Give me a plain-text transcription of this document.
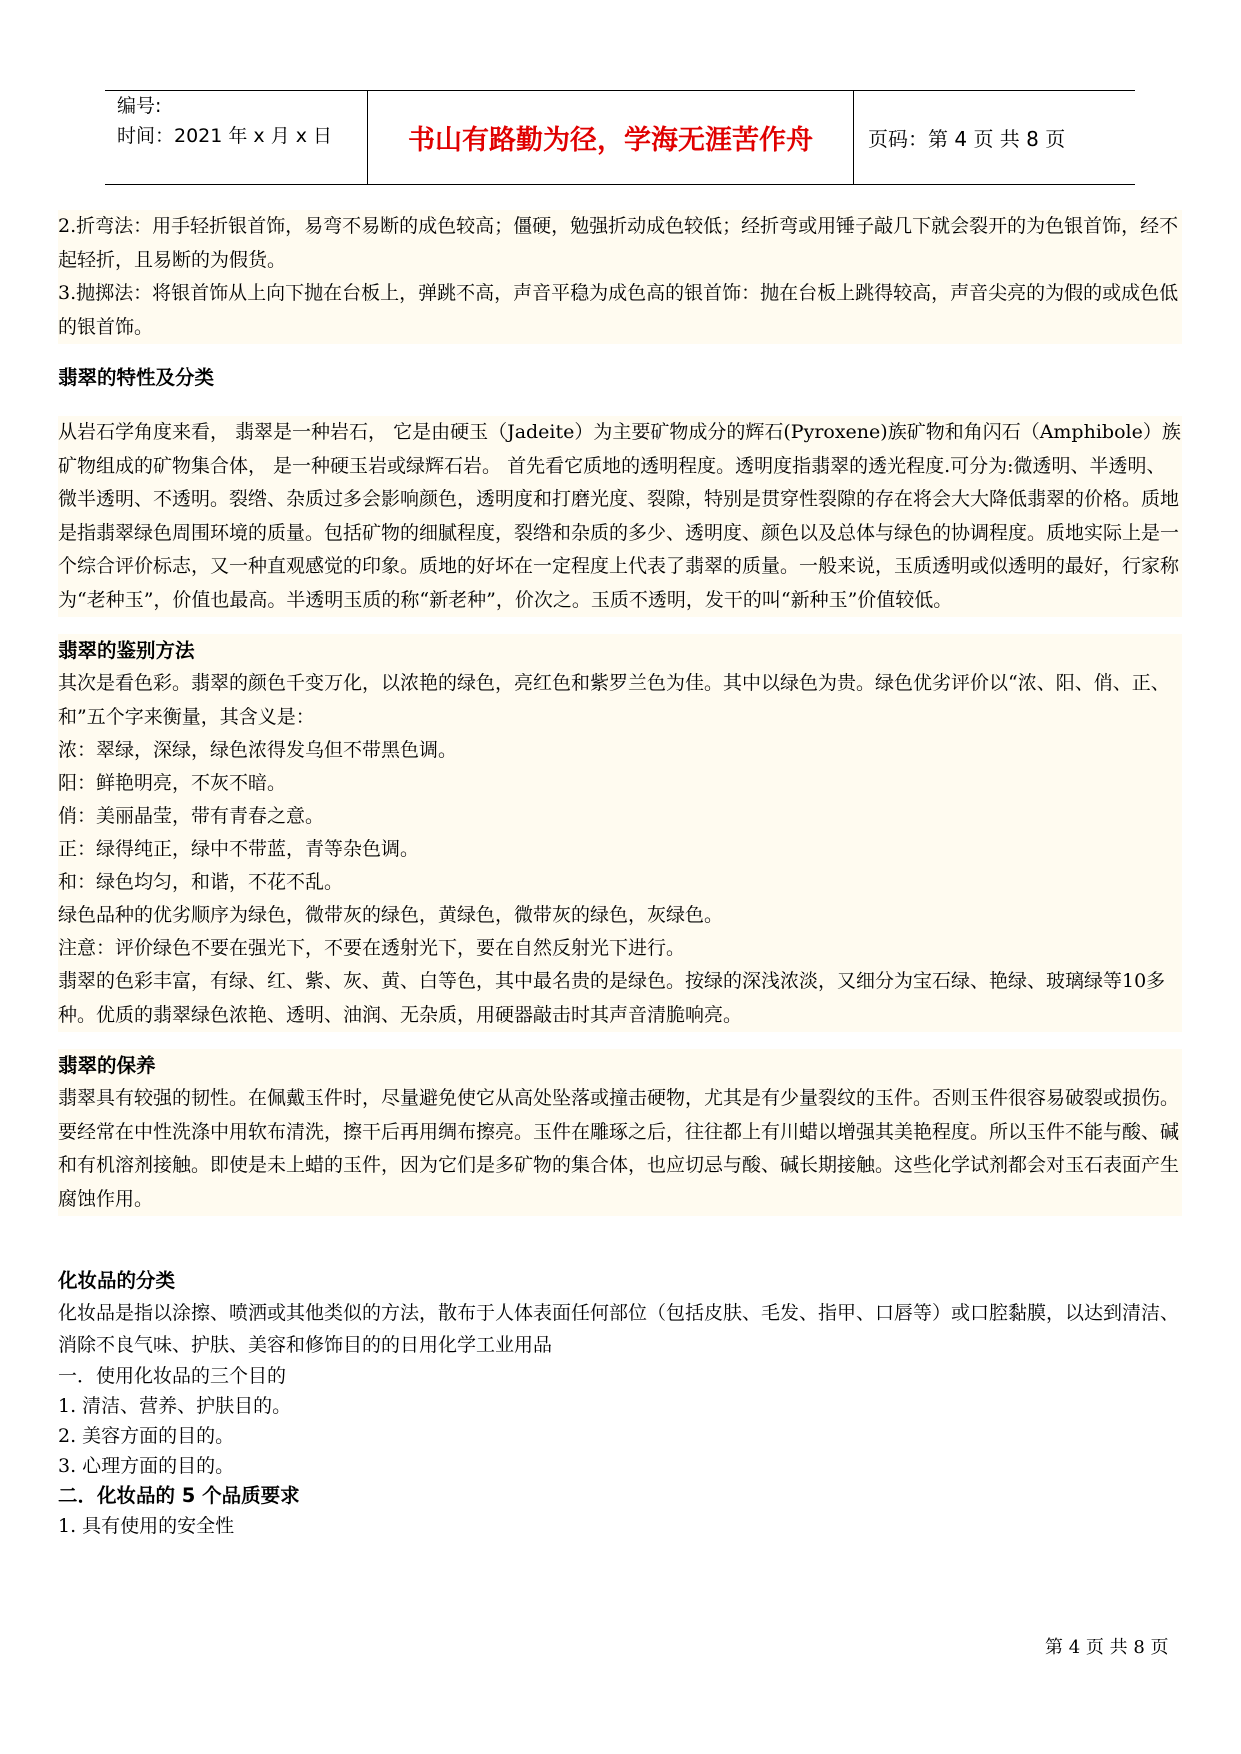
编号:
时间：2021 年 x 月 x 日	书山有路勤为径，学海无涯苦作舟	页码：第 4 页 共 8 页

2.折弯法：用手轻折银首饰，易弯不易断的成色较高；僵硬，勉强折动成色较低；经折弯或用锤子敲几下就会裂开的为色银首饰，经不起轻折，且易断的为假货。

3.抛掷法：将银首饰从上向下抛在台板上，弹跳不高，声音平稳为成色高的银首饰：抛在台板上跳得较高，声音尖亮的为假的或成色低的银首饰。

翡翠的特性及分类

从岩石学角度来看， 翡翠是一种岩石， 它是由硬玉（Jadeite）为主要矿物成分的辉石(Pyroxene)族矿物和角闪石（Amphibole）族矿物组成的矿物集合体， 是一种硬玉岩或绿辉石岩。 首先看它质地的透明程度。透明度指翡翠的透光程度.可分为:微透明、半透明、微半透明、不透明。裂绺、杂质过多会影响颜色，透明度和打磨光度、裂隙，特别是贯穿性裂隙的存在将会大大降低翡翠的价格。质地是指翡翠绿色周围环境的质量。包括矿物的细腻程度，裂绺和杂质的多少、透明度、颜色以及总体与绿色的协调程度。质地实际上是一个综合评价标志，又一种直观感觉的印象。质地的好坏在一定程度上代表了翡翠的质量。一般来说，玉质透明或似透明的最好，行家称为“老种玉”，价值也最高。半透明玉质的称“新老种”，价次之。玉质不透明，发干的叫“新种玉”价值较低。

翡翠的鉴别方法

其次是看色彩。翡翠的颜色千变万化，以浓艳的绿色，亮红色和紫罗兰色为佳。其中以绿色为贵。绿色优劣评价以“浓、阳、俏、正、和”五个字来衡量，其含义是：

浓：翠绿，深绿，绿色浓得发乌但不带黑色调。

阳：鲜艳明亮，不灰不暗。

俏：美丽晶莹，带有青春之意。

正：绿得纯正，绿中不带蓝，青等杂色调。

和：绿色均匀，和谐，不花不乱。

绿色品种的优劣顺序为绿色，微带灰的绿色，黄绿色，微带灰的绿色，灰绿色。

注意：评价绿色不要在强光下，不要在透射光下，要在自然反射光下进行。

翡翠的色彩丰富，有绿、红、紫、灰、黄、白等色，其中最名贵的是绿色。按绿的深浅浓淡，又细分为宝石绿、艳绿、玻璃绿等10多种。优质的翡翠绿色浓艳、透明、油润、无杂质，用硬器敲击时其声音清脆响亮。

翡翠的保养

翡翠具有较强的韧性。在佩戴玉件时，尽量避免使它从高处坠落或撞击硬物，尤其是有少量裂纹的玉件。否则玉件很容易破裂或损伤。要经常在中性洗涤中用软布清洗，擦干后再用绸布擦亮。玉件在雕琢之后，往往都上有川蜡以增强其美艳程度。所以玉件不能与酸、碱和有机溶剂接触。即使是未上蜡的玉件，因为它们是多矿物的集合体，也应切忌与酸、碱长期接触。这些化学试剂都会对玉石表面产生腐蚀作用。

化妆品的分类

化妆品是指以涂擦、喷洒或其他类似的方法，散布于人体表面任何部位（包括皮肤、毛发、指甲、口唇等）或口腔黏膜，以达到清洁、消除不良气味、护肤、美容和修饰目的的日用化学工业用品

一．使用化妆品的三个目的

1. 清洁、营养、护肤目的。

2. 美容方面的目的。

3. 心理方面的目的。

二．化妆品的 5 个品质要求

1. 具有使用的安全性

第 4 页 共 8 页
